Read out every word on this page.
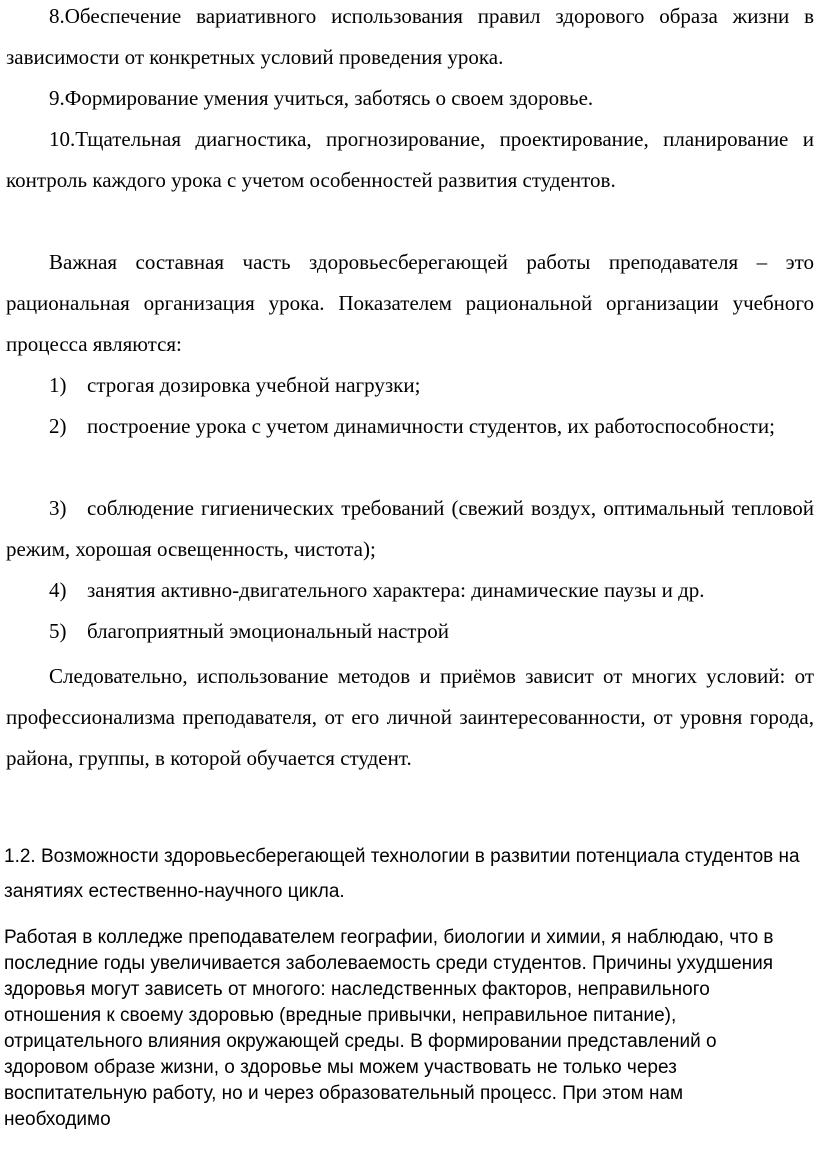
8.Обеспечение вариативного использования правил здорового образа жизни в зависимости от конкретных условий проведения урока.

9.Формирование умения учиться, заботясь о своем здоровье.

10.Тщательная диагностика, прогнозирование, проектирование, планирование и контроль каждого урока с учетом особенностей развития студентов.

Важная составная часть здоровьесберегающей работы преподавателя – это рациональная организация урока. Показателем рациональной организации учебного процесса являются:

1) строгая дозировка учебной нагрузки;

2) построение урока с учетом динамичности студентов, их работоспособности;

3) соблюдение гигиенических требований (свежий воздух, оптимальный тепловой режим, хорошая освещенность, чистота);

4) занятия активно-двигательного характера: динамические паузы и др.

5) благоприятный эмоциональный настрой

Следовательно, использование методов и приёмов зависит от многих условий: от профессионализма преподавателя, от его личной заинтересованности, от уровня города, района, группы, в которой обучается студент.

1.2. Возможности здоровьесберегающей технологии в развитии потенциала студентов на занятиях естественно-научного цикла.

Работая в колледже преподавателем географии, биологии и химии, я наблюдаю, что в последние годы увеличивается заболеваемость среди студентов. Причины ухудшения здоровья могут зависеть от многого: наследственных факторов, неправильного отношения к своему здоровью (вредные привычки, неправильное питание), отрицательного влияния окружающей среды. В формировании представлений о здоровом образе жизни, о здоровье мы можем участвовать не только через воспитательную работу, но и через образовательный процесс. При этом нам необходимо
